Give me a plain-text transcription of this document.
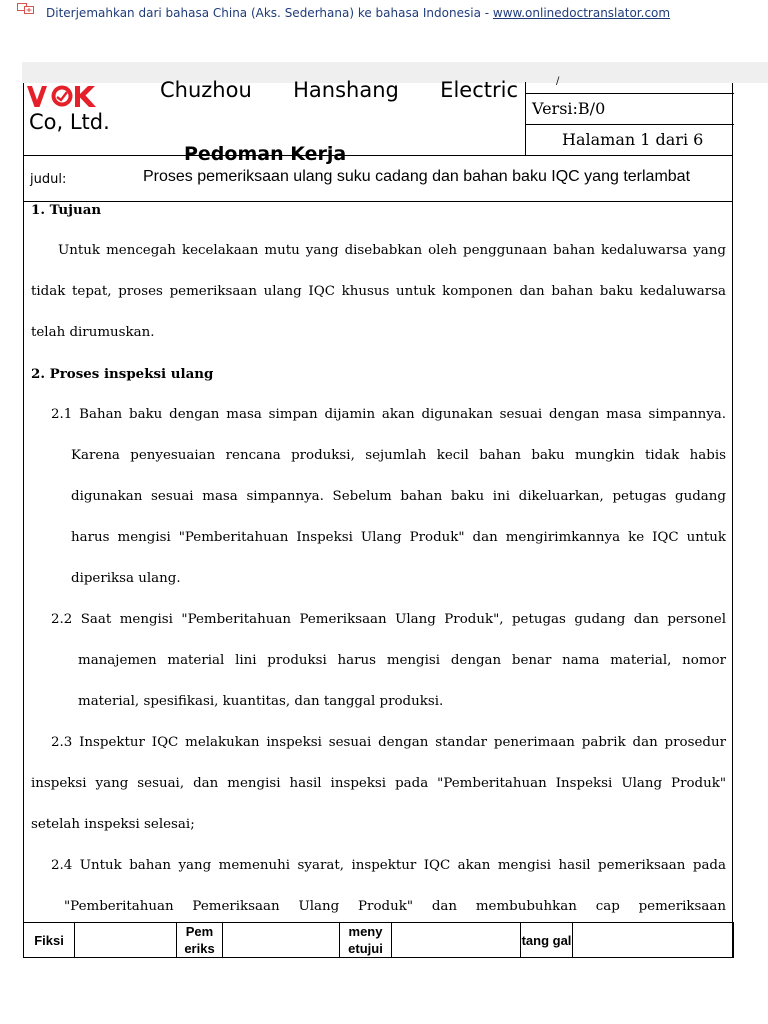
Diterjemahkan dari bahasa China (Aks. Sederhana) ke bahasa Indonesia - www.onlinedoctranslator.com
Chuzhou Hanshang Electric
Co, Ltd.
Pedoman Kerja
/
Versi:B/0
Halaman 1 dari 6
judul:	Proses pemeriksaan ulang suku cadang dan bahan baku IQC yang terlambat
1. Tujuan
Untuk mencegah kecelakaan mutu yang disebabkan oleh penggunaan bahan kedaluwarsa yang
tidak tepat, proses pemeriksaan ulang IQC khusus untuk komponen dan bahan baku kedaluwarsa
telah dirumuskan.
2. Proses inspeksi ulang
2.1 Bahan baku dengan masa simpan dijamin akan digunakan sesuai dengan masa simpannya.
Karena penyesuaian rencana produksi, sejumlah kecil bahan baku mungkin tidak habis
digunakan sesuai masa simpannya. Sebelum bahan baku ini dikeluarkan, petugas gudang
harus mengisi "Pemberitahuan Inspeksi Ulang Produk" dan mengirimkannya ke IQC untuk
diperiksa ulang.
2.2 Saat mengisi "Pemberitahuan Pemeriksaan Ulang Produk", petugas gudang dan personel
manajemen material lini produksi harus mengisi dengan benar nama material, nomor
material, spesifikasi, kuantitas, dan tanggal produksi.
2.3 Inspektur IQC melakukan inspeksi sesuai dengan standar penerimaan pabrik dan prosedur
inspeksi yang sesuai, dan mengisi hasil inspeksi pada "Pemberitahuan Inspeksi Ulang Produk"
setelah inspeksi selesai;
2.4 Untuk bahan yang memenuhi syarat, inspektur IQC akan mengisi hasil pemeriksaan pada
"Pemberitahuan Pemeriksaan Ulang Produk" dan membubuhkan cap pemeriksaan
Fiksi		Pem eriks		meny etujui		tang gal	
